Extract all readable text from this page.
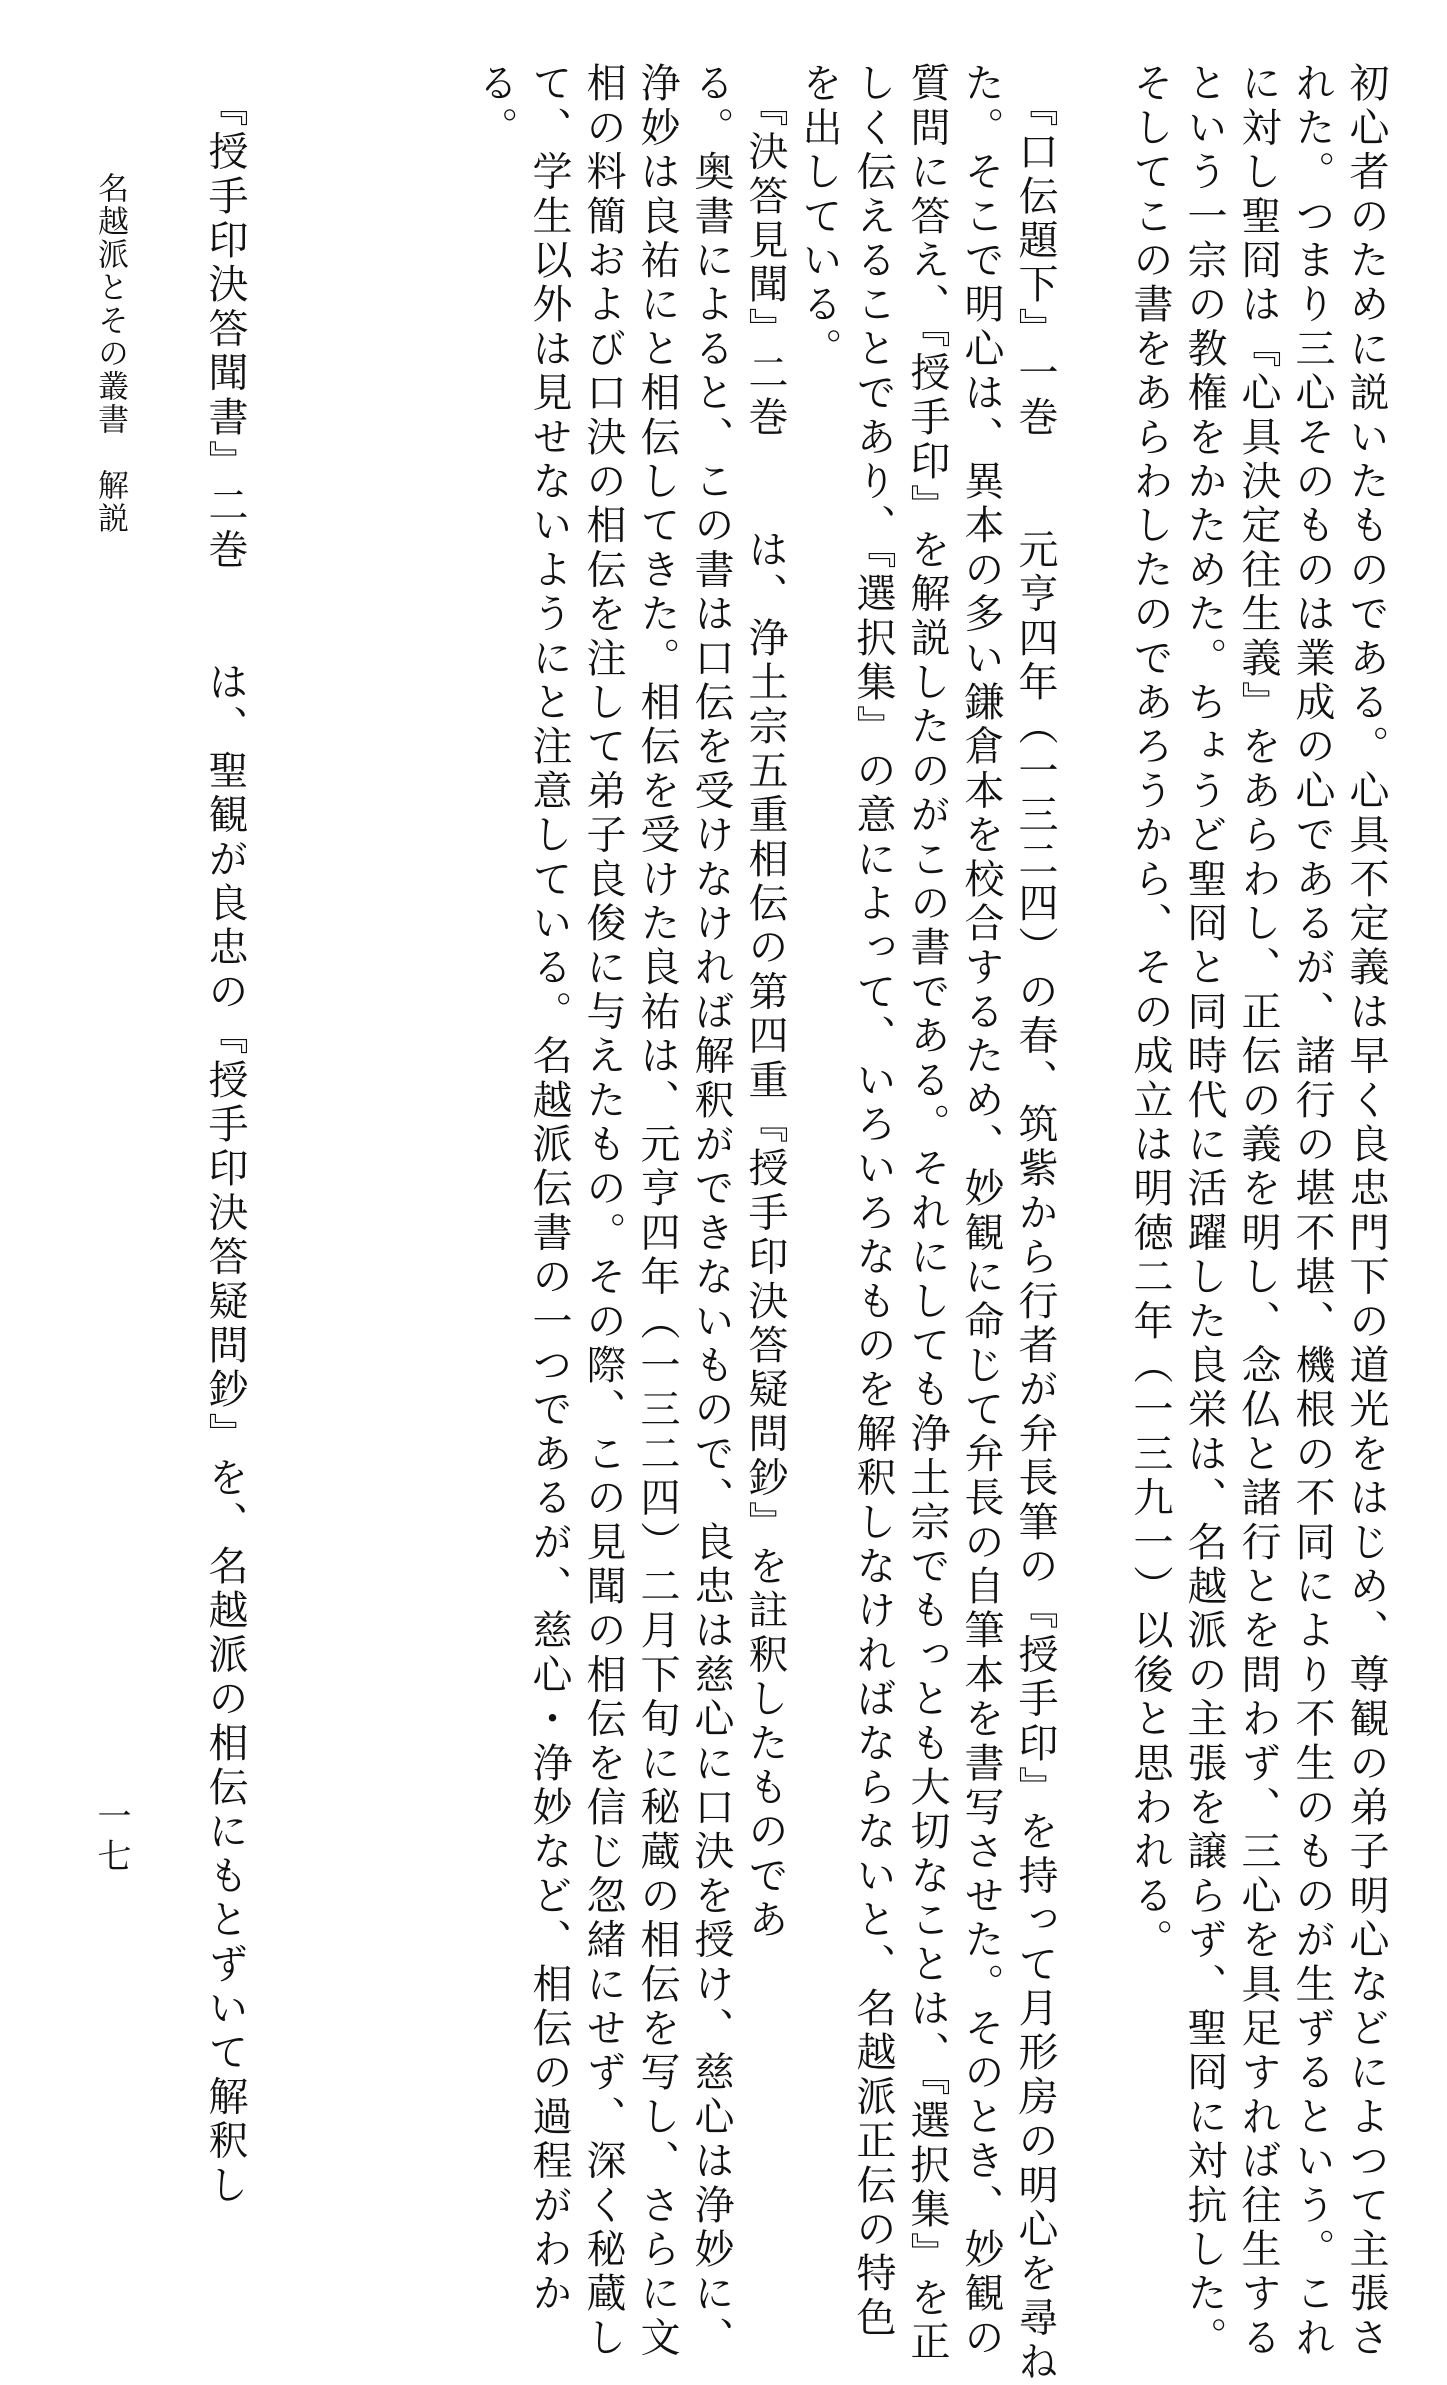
初心者のために説いたものである。心具不定義は早く良忠門下の道光をはじめ、尊観の弟子明心などによつて主張さ
れた。つまり三心そのものは業成の心であるが、諸行の堪不堪、機根の不同により不生のものが生ずるという。これ
に対し聖冏は『心具決定往生義』をあらわし、正伝の義を明し、念仏と諸行とを問わず、三心を具足すれば往生する
という一宗の教権をかためた。ちょうど聖冏と同時代に活躍した良栄は、名越派の主張を譲らず、聖冏に対抗した。
そしてこの書をあらわしたのであろうから、その成立は明徳二年（一三九一）以後と思われる。
　『口伝題下』一巻　　元亨四年（一三二四）の春、筑紫から行者が弁長筆の『授手印』を持って月形房の明心を尋ね
た。そこで明心は、異本の多い鎌倉本を校合するため、妙観に命じて弁長の自筆本を書写させた。そのとき、妙観の
質問に答え、『授手印』を解説したのがこの書である。それにしても浄土宗でもっとも大切なことは、『選択集』を正
しく伝えることであり、『選択集』の意によって、いろいろなものを解釈しなければならないと、名越派正伝の特色
を出している。
　『決答見聞』二巻　　は、浄土宗五重相伝の第四重『授手印決答疑問鈔』を註釈したものであ
る。奥書によると、この書は口伝を受けなければ解釈ができないもので、良忠は慈心に口決を授け、慈心は浄妙に、
浄妙は良祐にと相伝してきた。相伝を受けた良祐は、元亨四年（一三二四）二月下旬に秘蔵の相伝を写し、さらに文
相の料簡および口決の相伝を注して弟子良俊に与えたもの。その際、この見聞の相伝を信じ忽緒にせず、深く秘蔵し
て、学生以外は見せないようにと注意している。名越派伝書の一つであるが、慈心・浄妙など、相伝の過程がわか
る。
名越派とその叢書　解説 　『授手印決答聞書』二巻　　は、聖観が良忠の『授手印決答疑問鈔』を、名越派の相伝にもとずいて解釈し
一七
